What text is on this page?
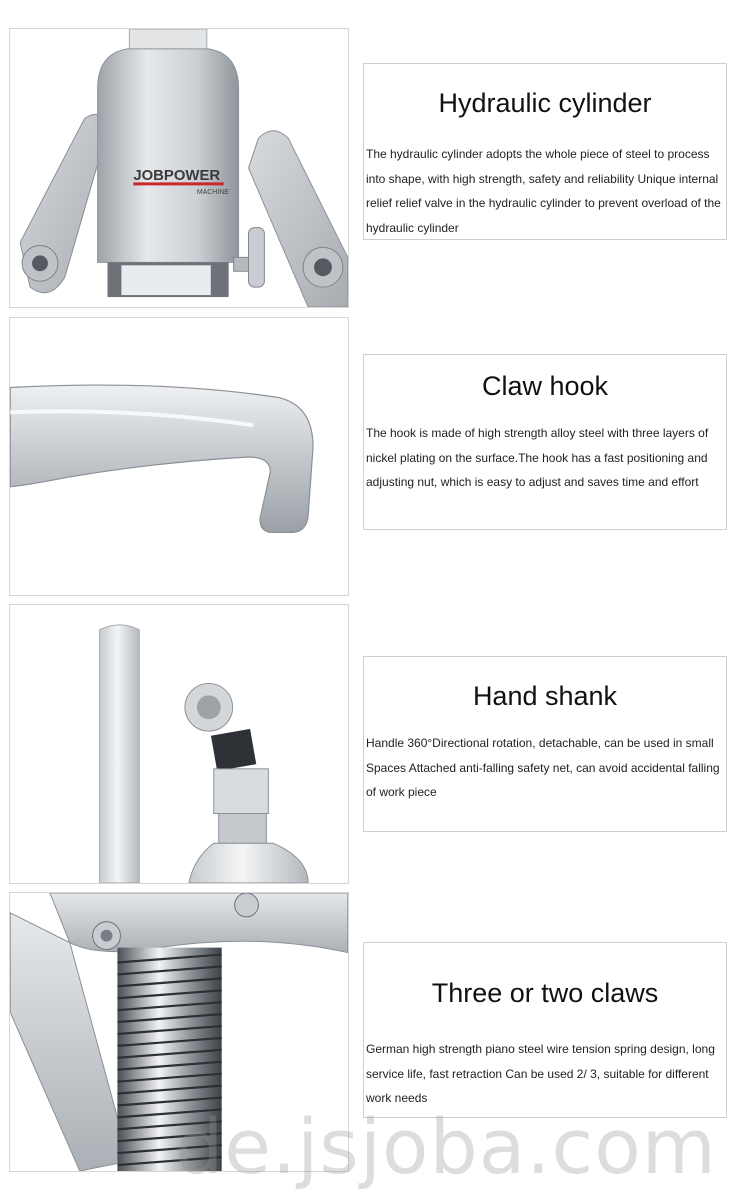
JOBPOWER
MACHINE
Hydraulic cylinder

The hydraulic cylinder adopts the whole piece of steel to process into shape, with high strength, safety and reliability Unique internal relief relief valve in the hydraulic cylinder to prevent overload of the hydraulic cylinder

Claw hook

The hook is made of high strength alloy steel with three layers of nickel plating on the surface.The hook has a fast positioning and adjusting nut, which is easy to adjust and saves time and effort

Hand shank

Handle 360°Directional rotation, detachable, can be used in small Spaces Attached anti-falling safety net, can avoid accidental falling of work piece

Three or two claws

German high strength piano steel wire tension spring design, long service life, fast retraction Can be used 2/ 3, suitable for different work needs

de.jsjoba.com
